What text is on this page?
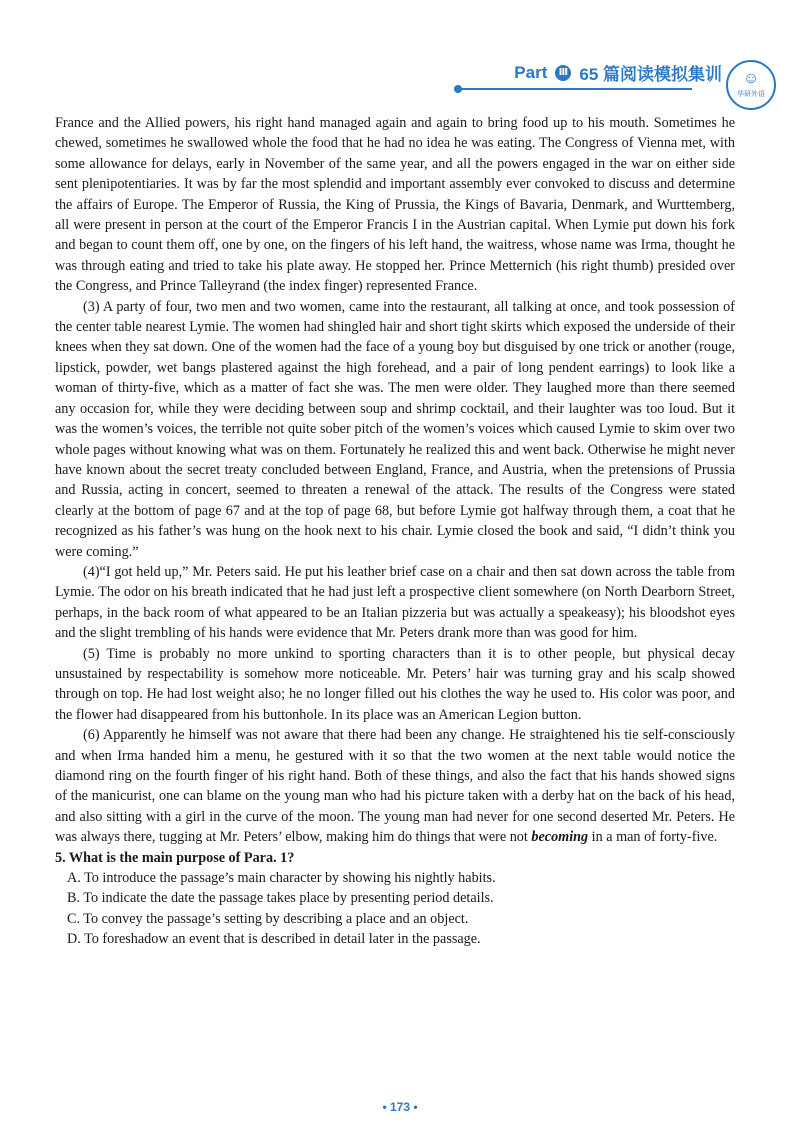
Part	Ⅲ 65 篇阅读模拟集训 ☺
华研外语

France and the Allied powers, his right hand managed again and again to bring food up to his mouth. Sometimes he chewed, sometimes he swallowed whole the food that he had no idea he was eating. The Congress of Vienna met, with some allowance for delays, early in November of the same year, and all the powers engaged in the war on either side sent plenipotentiaries. It was by far the most splendid and important assembly ever convoked to discuss and determine the affairs of Europe. The Emperor of Russia, the King of Prussia, the Kings of Bavaria, Denmark, and Wurttemberg, all were present in person at the court of the Emperor Francis I in the Austrian capital. When Lymie put down his fork and began to count them off, one by one, on the fingers of his left hand, the waitress, whose name was Irma, thought he was through eating and tried to take his plate away. He stopped her. Prince Metternich (his right thumb) presided over the Congress, and Prince Talleyrand (the index finger) represented France.

(3) A party of four, two men and two women, came into the restaurant, all talking at once, and took possession of the center table nearest Lymie. The women had shingled hair and short tight skirts which exposed the underside of their knees when they sat down. One of the women had the face of a young boy but disguised by one trick or another (rouge, lipstick, powder, wet bangs plastered against the high forehead, and a pair of long pendent earrings) to look like a woman of thirty-five, which as a matter of fact she was. The men were older. They laughed more than there seemed any occasion for, while they were deciding between soup and shrimp cocktail, and their laughter was too loud. But it was the women’s voices, the terrible not quite sober pitch of the women’s voices which caused Lymie to skim over two whole pages without knowing what was on them. Fortunately he realized this and went back. Otherwise he might never have known about the secret treaty concluded between England, France, and Austria, when the pretensions of Prussia and Russia, acting in concert, seemed to threaten a renewal of the attack. The results of the Congress were stated clearly at the bottom of page 67 and at the top of page 68, but before Lymie got halfway through them, a coat that he recognized as his father’s was hung on the hook next to his chair. Lymie closed the book and said, “I didn’t think you were coming.”

(4)“I got held up,” Mr. Peters said. He put his leather brief case on a chair and then sat down across the table from Lymie. The odor on his breath indicated that he had just left a prospective client somewhere (on North Dearborn Street, perhaps, in the back room of what appeared to be an Italian pizzeria but was actually a speakeasy); his bloodshot eyes and the slight trembling of his hands were evidence that Mr. Peters drank more than was good for him.

(5) Time is probably no more unkind to sporting characters than it is to other people, but physical decay unsustained by respectability is somehow more noticeable. Mr. Peters’ hair was turning gray and his scalp showed through on top. He had lost weight also; he no longer filled out his clothes the way he used to. His color was poor, and the flower had disappeared from his buttonhole. In its place was an American Legion button.

(6) Apparently he himself was not aware that there had been any change. He straightened his tie self-consciously and when Irma handed him a menu, he gestured with it so that the two women at the next table would notice the diamond ring on the fourth finger of his right hand. Both of these things, and also the fact that his hands showed signs of the manicurist, one can blame on the young man who had his picture taken with a derby hat on the back of his head, and also sitting with a girl in the curve of the moon. The young man had never for one second deserted Mr. Peters. He was always there, tugging at Mr. Peters’ elbow, making him do things that were not becoming in a man of forty-five.

5. What is the main purpose of Para. 1?

A. To introduce the passage’s main character by showing his nightly habits.

B. To indicate the date the passage takes place by presenting period details.

C. To convey the passage’s setting by describing a place and an object.

D. To foreshadow an event that is described in detail later in the passage.

• 173 •
